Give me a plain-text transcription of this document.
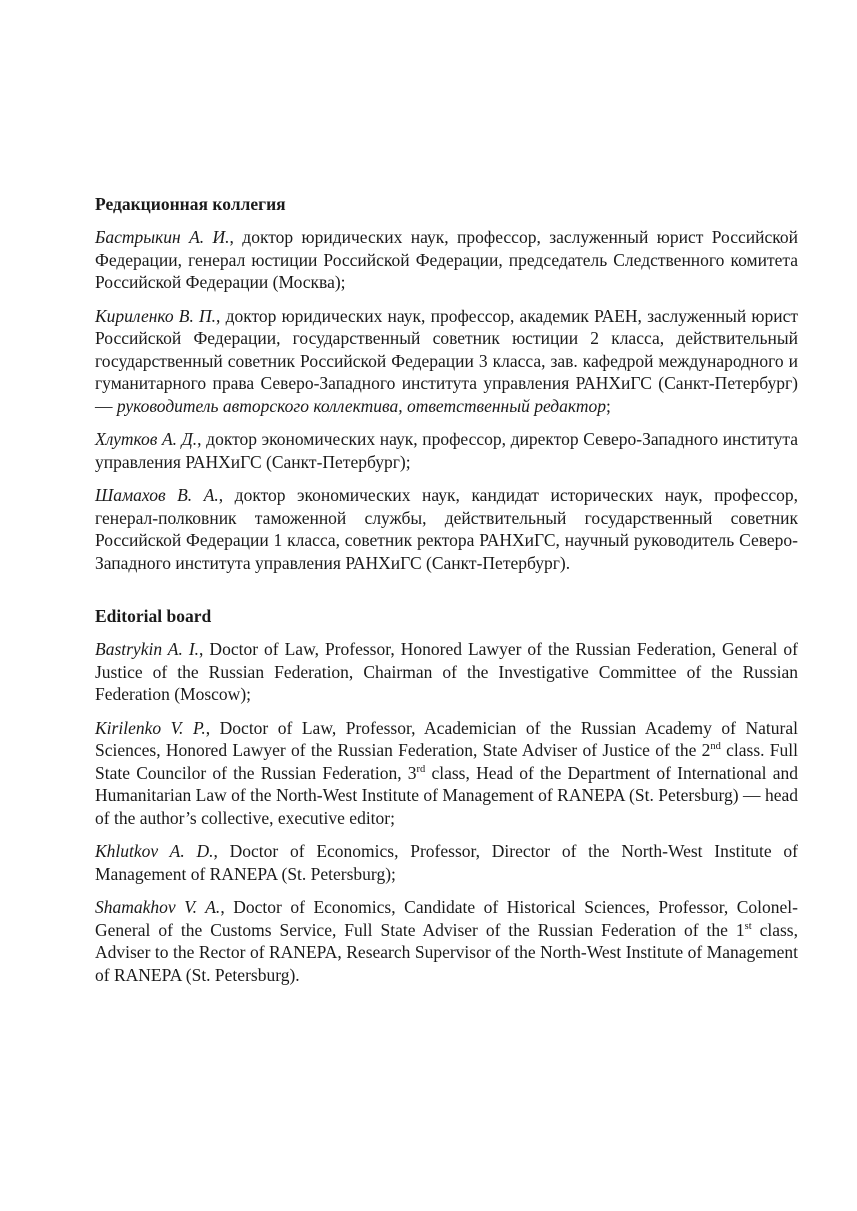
Редакционная коллегия

Бастрыкин А. И., доктор юридических наук, профессор, заслуженный юрист Российской Федерации, генерал юстиции Российской Федерации, председатель Следственного комитета Российской Федерации (Москва);

Кириленко В. П., доктор юридических наук, профессор, академик РАЕН, заслуженный юрист Российской Федерации, государственный советник юстиции 2 класса, действительный государственный советник Российской Федерации 3 класса, зав. кафедрой международного и гуманитарного права Северо-Западного института управления РАНХиГС (Санкт-Петербург) — руководитель авторского коллектива, ответственный редактор;

Хлутков А. Д., доктор экономических наук, профессор, директор Северо-Западного института управления РАНХиГС (Санкт-Петербург);

Шамахов В. А., доктор экономических наук, кандидат исторических наук, профессор, генерал-полковник таможенной службы, действительный государственный советник Российской Федерации 1 класса, советник ректора РАНХиГС, научный руководитель Северо-Западного института управления РАНХиГС (Санкт-Петербург).

Editorial board

Bastrykin A. I., Doctor of Law, Professor, Honored Lawyer of the Russian Federation, General of Justice of the Russian Federation, Chairman of the Investigative Committee of the Russian Federation (Moscow);

Kirilenko V. P., Doctor of Law, Professor, Academician of the Russian Academy of Natural Sciences, Honored Lawyer of the Russian Federation, State Adviser of Justice of the 2nd class. Full State Councilor of the Russian Federation, 3rd class, Head of the Department of International and Humanitarian Law of the North-West Institute of Management of RANEPA (St. Petersburg) — head of the author’s collective, executive editor;

Khlutkov A. D., Doctor of Economics, Professor, Director of the North-West Institute of Management of RANEPA (St. Petersburg);

Shamakhov V. A., Doctor of Economics, Candidate of Historical Sciences, Professor, Colonel-General of the Customs Service, Full State Adviser of the Russian Federation of the 1st class, Adviser to the Rector of RANEPA, Research Supervisor of the North-West Institute of Management of RANEPA (St. Petersburg).
